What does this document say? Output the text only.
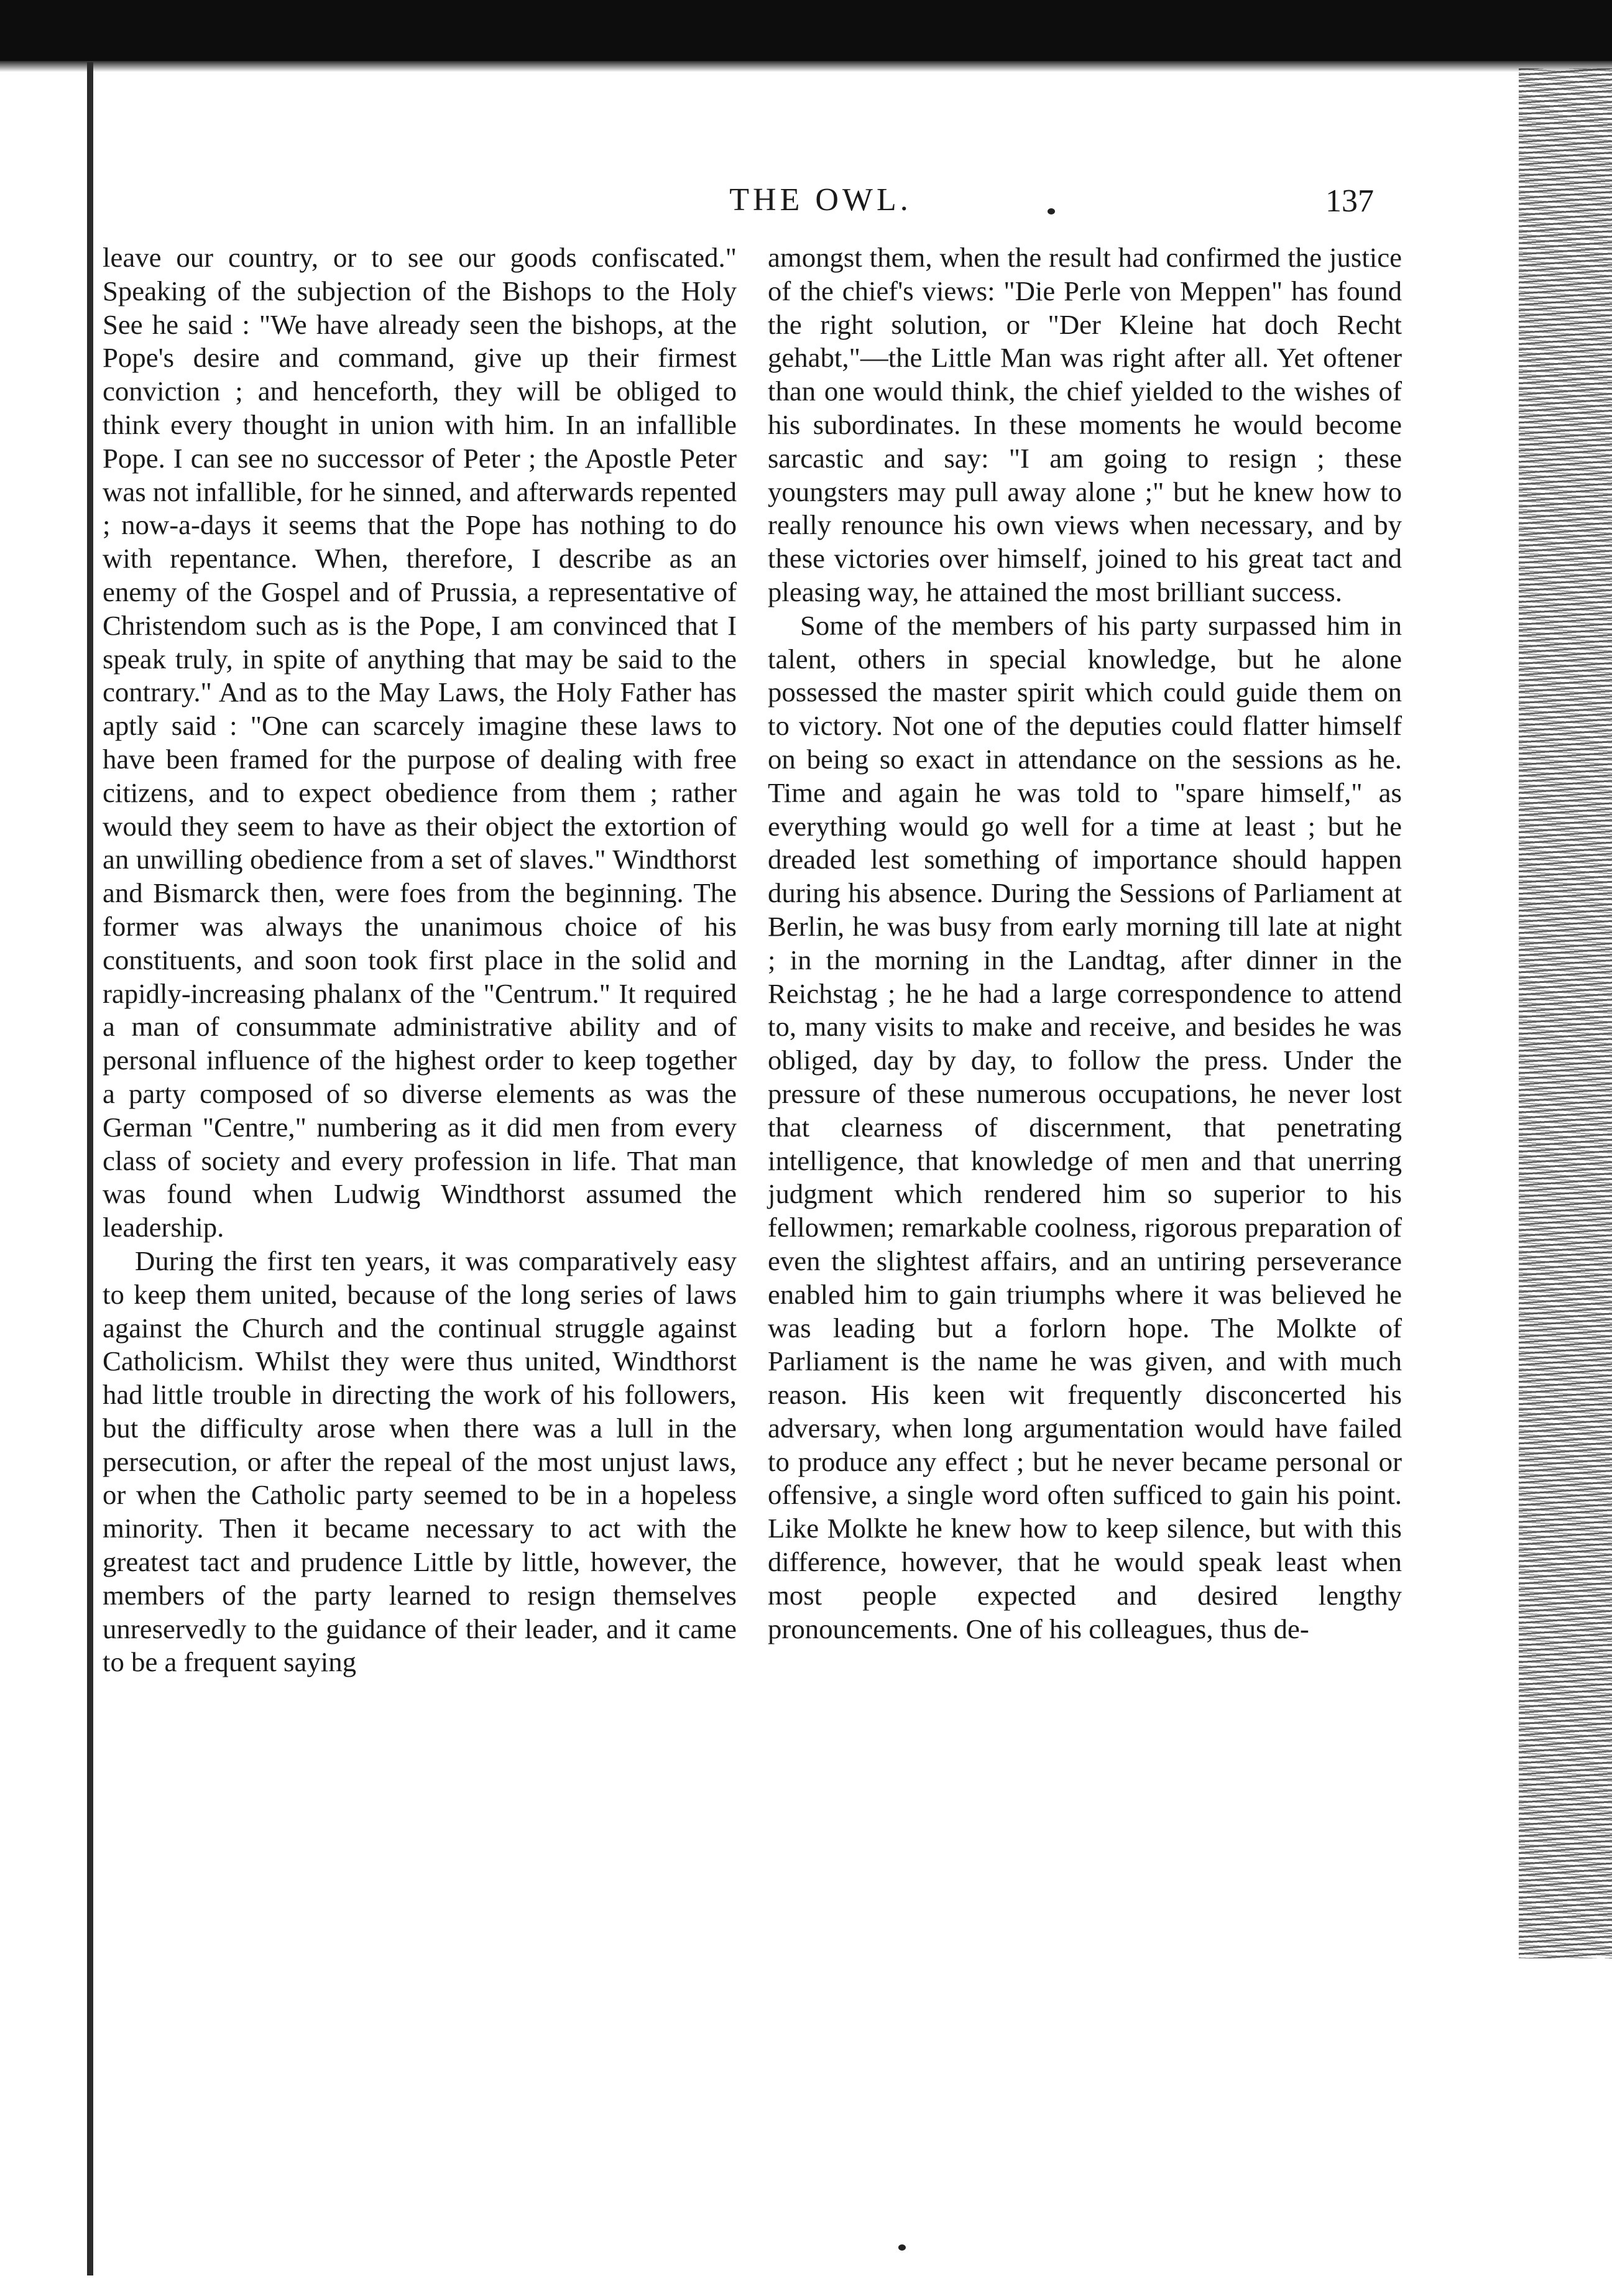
THE OWL.	137

leave our country, or to see our goods confiscated." Speaking of the subjection of the Bishops to the Holy See he said : "We have already seen the bishops, at the Pope's desire and command, give up their firmest conviction ; and henceforth, they will be obliged to think every thought in union with him. In an infallible Pope. I can see no successor of Peter ; the Apostle Peter was not infallible, for he sinned, and afterwards repented ; now-a-days it seems that the Pope has nothing to do with repentance. When, therefore, I describe as an enemy of the Gospel and of Prussia, a representative of Christendom such as is the Pope, I am convinced that I speak truly, in spite of anything that may be said to the contrary." And as to the May Laws, the Holy Father has aptly said : "One can scarcely imagine these laws to have been framed for the purpose of dealing with free citizens, and to expect obedience from them ; rather would they seem to have as their object the extortion of an unwilling obedience from a set of slaves." Windthorst and Bismarck then, were foes from the beginning. The former was always the unanimous choice of his constituents, and soon took first place in the solid and rapidly-increasing phalanx of the "Centrum." It required a man of consummate administrative ability and of personal influence of the highest order to keep together a party composed of so diverse elements as was the German "Centre," numbering as it did men from every class of society and every profession in life. That man was found when Ludwig Windthorst assumed the leadership.

During the first ten years, it was comparatively easy to keep them united, because of the long series of laws against the Church and the continual struggle against Catholicism. Whilst they were thus united, Windthorst had little trouble in directing the work of his followers, but the difficulty arose when there was a lull in the persecution, or after the repeal of the most unjust laws, or when the Catholic party seemed to be in a hopeless minority. Then it became necessary to act with the greatest tact and prudence Little by little, however, the members of the party learned to resign themselves unreservedly to the guidance of their leader, and it came to be a frequent saying

amongst them, when the result had confirmed the justice of the chief's views: "Die Perle von Meppen" has found the right solution, or "Der Kleine hat doch Recht gehabt,"—the Little Man was right after all. Yet oftener than one would think, the chief yielded to the wishes of his subordinates. In these moments he would become sarcastic and say: "I am going to resign ; these youngsters may pull away alone ;" but he knew how to really renounce his own views when necessary, and by these victories over himself, joined to his great tact and pleasing way, he attained the most brilliant success.

Some of the members of his party surpassed him in talent, others in special knowledge, but he alone possessed the master spirit which could guide them on to victory. Not one of the deputies could flatter himself on being so exact in attendance on the sessions as he. Time and again he was told to "spare himself," as everything would go well for a time at least ; but he dreaded lest something of importance should happen during his absence. During the Sessions of Parliament at Berlin, he was busy from early morning till late at night ; in the morning in the Landtag, after dinner in the Reichstag ; he he had a large correspondence to attend to, many visits to make and receive, and besides he was obliged, day by day, to follow the press. Under the pressure of these numerous occupations, he never lost that clearness of discernment, that penetrating intelligence, that knowledge of men and that unerring judgment which rendered him so superior to his fellowmen; remarkable coolness, rigorous preparation of even the slightest affairs, and an untiring perseverance enabled him to gain triumphs where it was believed he was leading but a forlorn hope. The Molkte of Parliament is the name he was given, and with much reason. His keen wit frequently disconcerted his adversary, when long argumentation would have failed to produce any effect ; but he never became personal or offensive, a single word often sufficed to gain his point. Like Molkte he knew how to keep silence, but with this difference, however, that he would speak least when most people expected and desired lengthy pronouncements. One of his colleagues, thus de-
